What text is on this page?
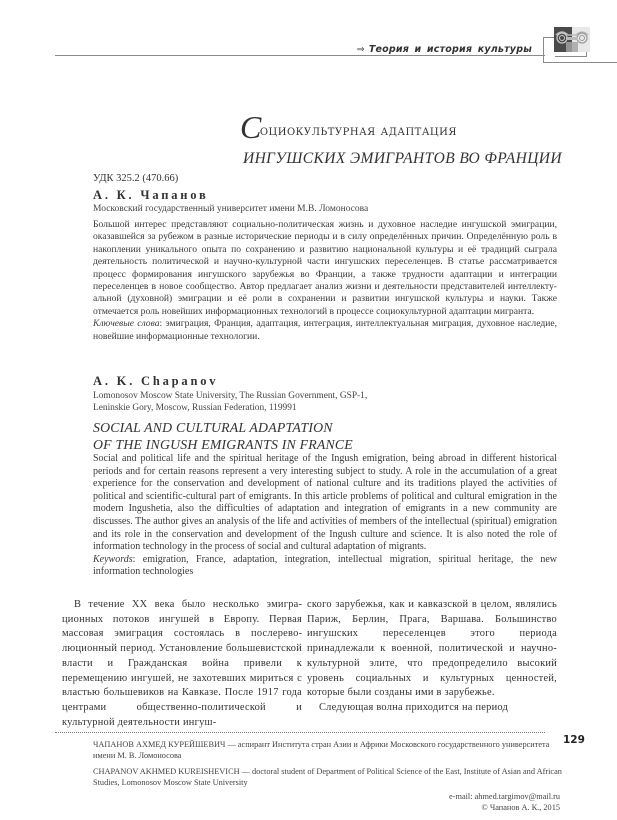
⇒ Теория и история культуры
Социокультурная адаптация
ИНГУШСКИХ ЭМИГРАНТОВ ВО ФРАНЦИИ
УДК 325.2 (470.66)
А. К. Чапанов
Московский государственный университет имени М.В. Ломоносова
Большой интерес представляют социально-политическая жизнь и духовное наследие ингушской эмиграции, оказавшейся за рубежом в разные исторические периоды и в силу определённых причин. Определённую роль в накоплении уникального опыта по сохранению и развитию национальной культуры и её традиций сыграла деятельность политической и научно-культурной части ингушских переселенцев. В статье рассматривается процесс формирования ингушского зарубежья во Франции, а также трудности адаптации и интеграции переселенцев в новое сообщество. Автор предлагает анализ жизни и деятельности представителей интеллектуальной (духовной) эмиграции и её роли в сохранении и развитии ингушской культуры и науки. Также отмечается роль новейших информационных технологий в процессе социокультурной адаптации мигранта.
Ключевые слова: эмиграция, Франция, адаптация, интеграция, интеллектуальная миграция, духовное наследие, новейшие информационные технологии.
A. K. Chapanov
Lomonosov Moscow State University, The Russian Government, GSP-1,
Leninskie Gory, Moscow, Russian Federation, 119991
SOCIAL AND CULTURAL ADAPTATION
OF THE INGUSH EMIGRANTS IN FRANCE
Social and political life and the spiritual heritage of the Ingush emigration, being abroad in different historical periods and for certain reasons represent a very interesting subject to study. A role in the accumulation of a great experience for the conservation and development of national culture and its traditions played the activities of political and scientific-cultural part of emigrants. In this article problems of political and cultural emigration in the modern Ingushetia, also the difficulties of adaptation and integration of emigrants in a new community are discusses. The author gives an analysis of the life and activities of members of the intellectual (spiritual) emigration and its role in the conservation and development of the Ingush culture and science. It is also noted the role of information technology in the process of social and cultural adaptation of migrants.
Keywords: emigration, France, adaptation, integration, intellectual migration, spiritual heritage, the new information technologies

В течение XX века было несколько эмиграционных потоков ингушей в Европу. Первая массовая эмиграция состоялась в послереволюционный период. Установление большевистской власти и Гражданская война привели к перемещению ингушей, не захотевших мириться с властью большевиков на Кавказе. После 1917 года центрами общественно-политической и культурной деятельности ингуш-

ского зарубежья, как и кавказской в целом, являлись Париж, Берлин, Прага, Варшава. Большинство ингушских переселенцев этого периода принадлежали к военной, политической и научно-культурной элите, что предопределило высокий уровень социальных и культурных ценностей, которые были созданы ими в зарубежье.

Следующая волна приходится на период

ЧАПАНОВ АХМЕД КУРЕЙШЕВИЧ — аспирант Института стран Азии и Африки Московского государственного университета имени М. В. Ломоносова
CHAPANOV AKHMED KUREISHEVICH — doctoral student of Department of Political Science of the East, Institute of Asian and African Studies, Lomonosov Moscow State University
e-mail: ahmed.targimov@mail.ru
© Чапанов А. К., 2015
129
